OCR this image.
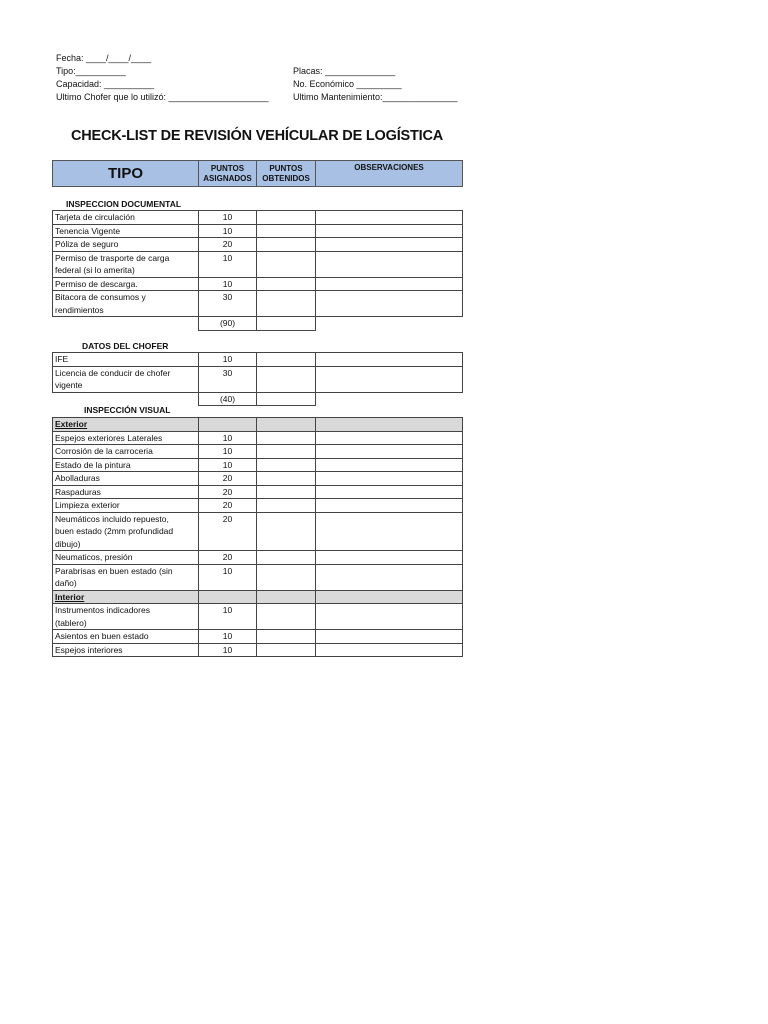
Fecha: ____/____/____
Tipo:__________
Capacidad: __________
Ultimo Chofer que lo utilizó: ____________________
Placas: ______________
No. Económico _________
Ultimo Mantenimiento:_______________
CHECK-LIST DE REVISIÓN VEHÍCULAR DE LOGÍSTICA
TIPO	PUNTOS
ASIGNADOS

PUNTOS
OBTENIDOS
	OBSERVACIONES
INSPECCION DOCUMENTAL
Tarjeta de circulación	10		
Tenencia Vigente	10		
Póliza de seguro	20		

Permiso de trasporte de carga
federal (si lo amerita)	10		
Permiso de descarga.	10		

Bitacora de consumos y
rendimientos	30		
	(90)		
DATOS DEL CHOFER
IFE	10		

Licencia de conducir de chofer
vigente	30		
	(40)		
INSPECCIÓN VISUAL
Exterior			
Espejos exteriores Laterales	10		
Corrosión de la carroceria	10		
Estado de la pintura	10		
Abolladuras	20		
Raspaduras	20		
Limpieza exterior	20		

Neumáticos incluido repuesto,
buen estado (2mm profundidad
dibujo)	20		
Neumaticos, presión	20		

Parabrisas en buen estado (sin
daño)	10		
Interior			

Instrumentos indicadores
(tablero)	10		
Asientos en buen estado	10		
Espejos interiores	10		
